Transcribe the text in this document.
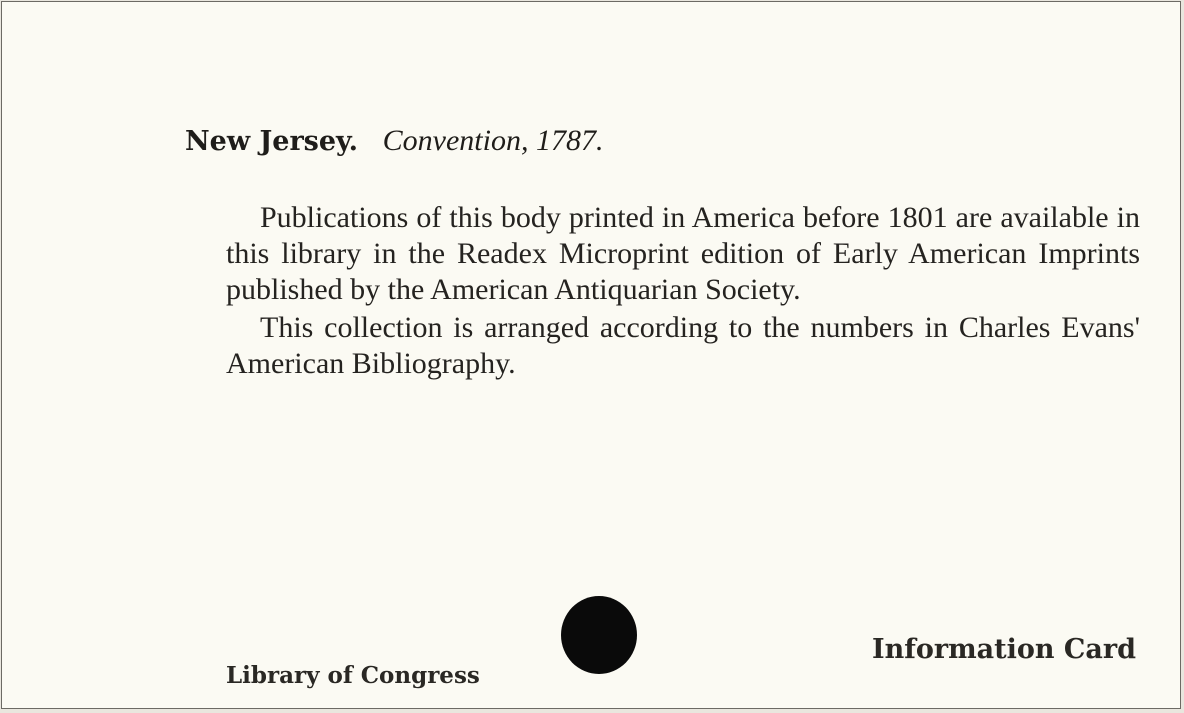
New Jersey. Convention, 1787.

Publications of this body printed in America before 1801 are available in this library in the Readex Microprint edition of Early American Imprints published by the American Antiquarian Society.

This collection is arranged according to the numbers in Charles Evans' American Bibliography.

Library of Congress
Information Card
